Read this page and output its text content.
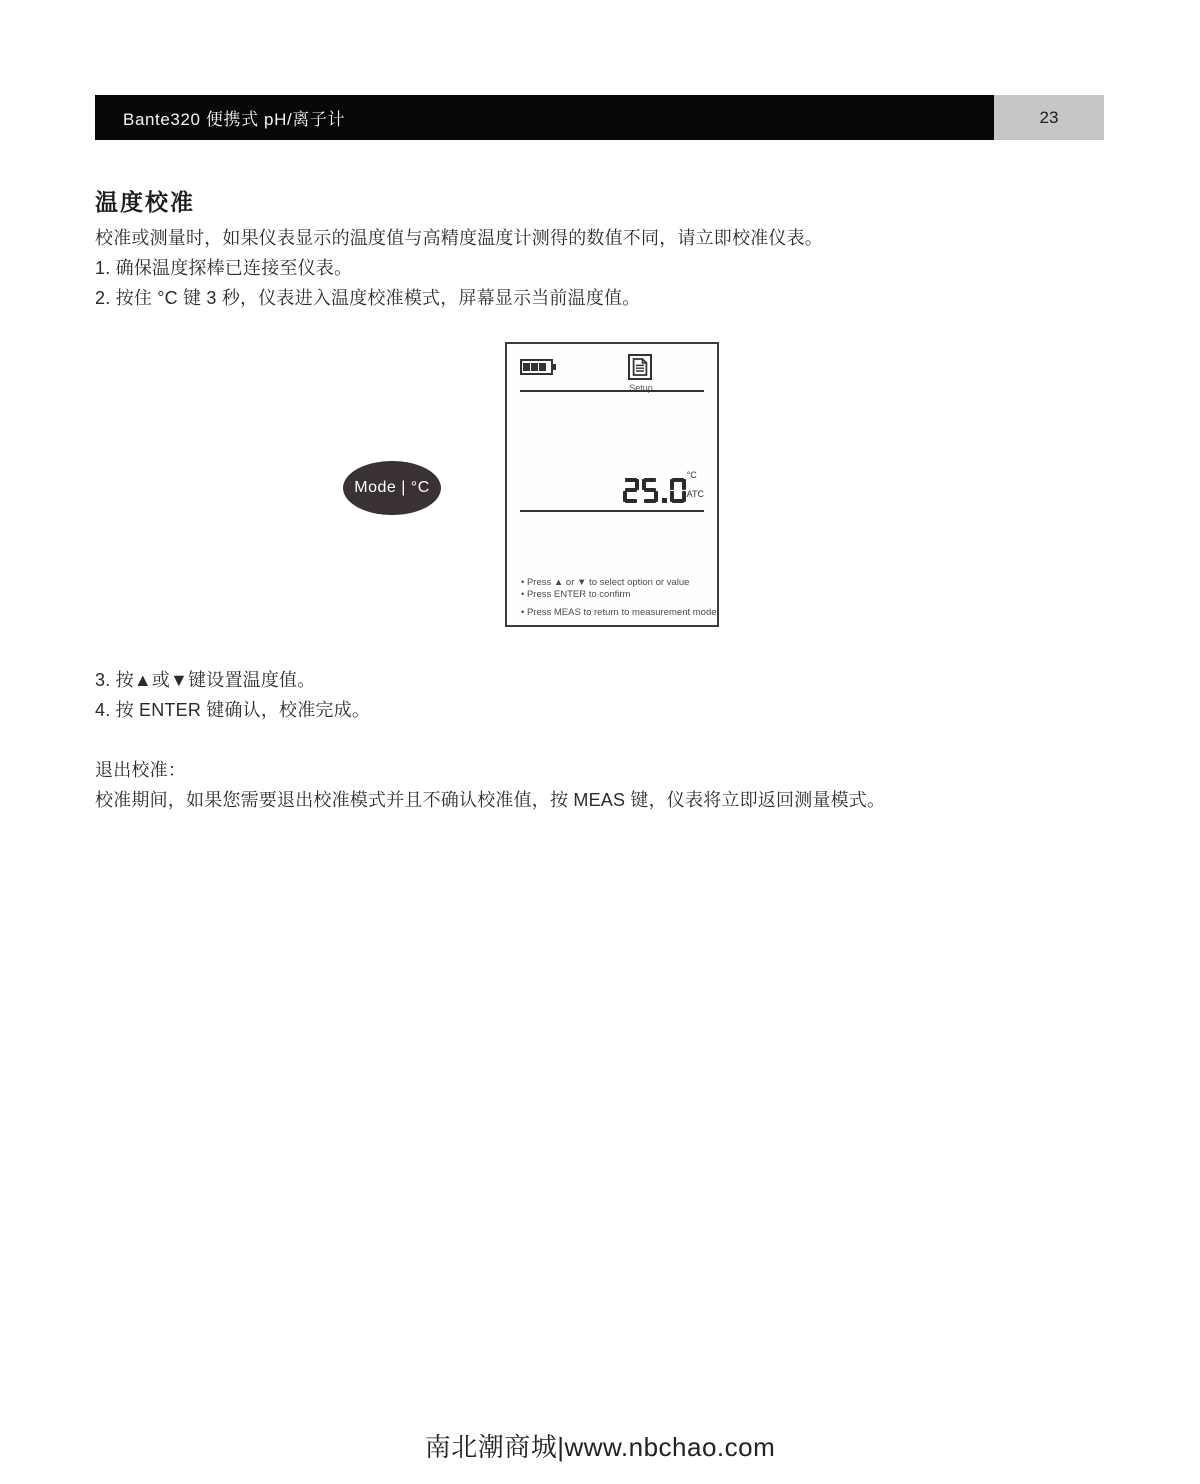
Bante320 便携式 pH/离子计	23
温度校准
校准或测量时，如果仪表显示的温度值与高精度温度计测得的数值不同，请立即校准仪表。
1. 确保温度探棒已连接至仪表。
2. 按住 °C 键 3 秒，仪表进入温度校准模式，屏幕显示当前温度值。
Mode | °C
Setup
°C
ATC
• Press ▲ or ▼ to select option or value
• Press ENTER to confirm
• Press MEAS to return to measurement mode
3. 按▲或▼键设置温度值。
4. 按 ENTER 键确认，校准完成。
退出校准：
校准期间，如果您需要退出校准模式并且不确认校准值，按 MEAS 键，仪表将立即返回测量模式。
南北潮商城|www.nbchao.com
